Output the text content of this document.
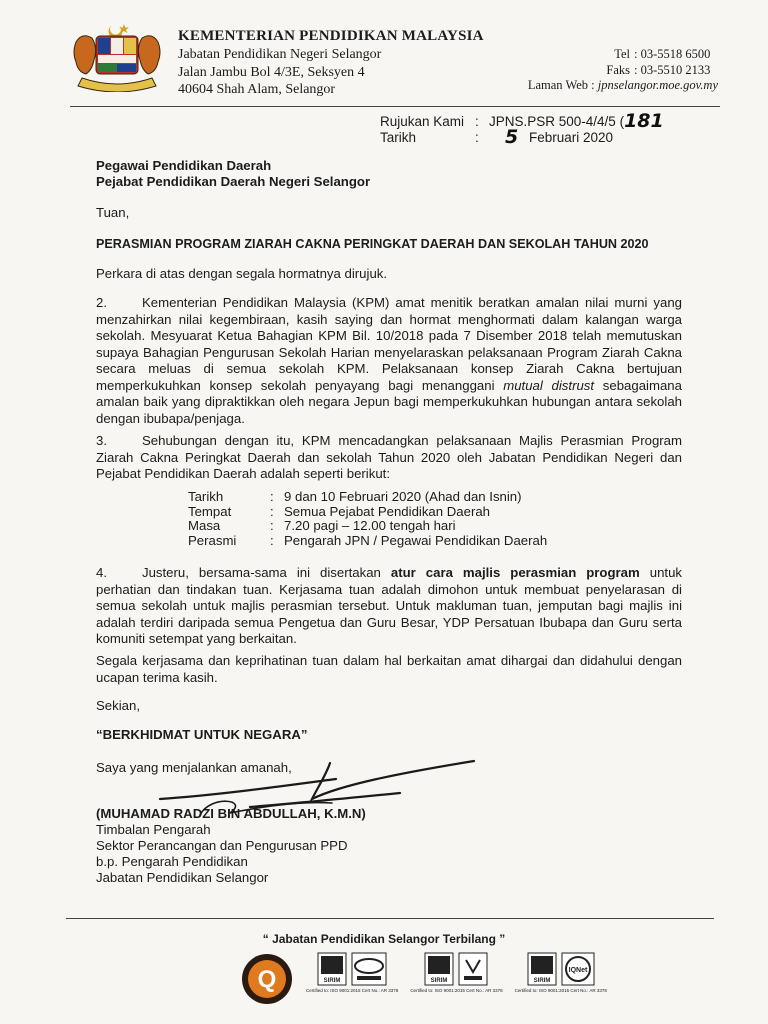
KEMENTERIAN PENDIDIKAN MALAYSIA
Jabatan Pendidikan Negeri Selangor
Jalan Jambu Bol 4/3E, Seksyen 4
40604 Shah Alam, Selangor
Tel : 03-5518 6500
Faks : 03-5510 2133
Laman Web : jpnselangor.moe.gov.my
Rujukan Kami : JPNS.PSR 500-4/4/5 ( 181
Tarikh	:	5 Februari 2020
Pegawai Pendidikan Daerah
Pejabat Pendidikan Daerah Negeri Selangor
Tuan,
PERASMIAN PROGRAM ZIARAH CAKNA PERINGKAT DAERAH DAN SEKOLAH TAHUN 2020
Perkara di atas dengan segala hormatnya dirujuk.
2.	Kementerian Pendidikan Malaysia (KPM) amat menitik beratkan amalan nilai murni yang menzahirkan nilai kegembiraan, kasih saying dan hormat menghormati dalam kalangan warga sekolah. Mesyuarat Ketua Bahagian KPM Bil. 10/2018 pada 7 Disember 2018 telah memutuskan supaya Bahagian Pengurusan Sekolah Harian menyelaraskan pelaksanaan Program Ziarah Cakna secara meluas di semua sekolah KPM. Pelaksanaan konsep Ziarah Cakna bertujuan memperkukuhkan konsep sekolah penyayang bagi menanggani mutual distrust sebagaimana amalan baik yang dipraktikkan oleh negara Jepun bagi memperkukuhkan hubungan antara sekolah dengan ibubapa/penjaga.
3.	Sehubungan dengan itu, KPM mencadangkan pelaksanaan Majlis Perasmian Program Ziarah Cakna Peringkat Daerah dan sekolah Tahun 2020 oleh Jabatan Pendidikan Negeri dan Pejabat Pendidikan Daerah adalah seperti berikut:
Tarikh	: 9 dan 10 Februari 2020 (Ahad dan Isnin)
Tempat	: Semua Pejabat Pendidikan Daerah
Masa	: 7.20 pagi – 12.00 tengah hari
Perasmi	: Pengarah JPN / Pegawai Pendidikan Daerah
4.	Justeru, bersama-sama ini disertakan atur cara majlis perasmian program untuk perhatian dan tindakan tuan. Kerjasama tuan adalah dimohon untuk membuat penyelarasan di semua sekolah untuk majlis perasmian tersebut. Untuk makluman tuan, jemputan bagi majlis ini adalah terdiri daripada semua Pengetua dan Guru Besar, YDP Persatuan Ibubapa dan Guru serta komuniti setempat yang berkaitan.
Segala kerjasama dan keprihatinan tuan dalam hal berkaitan amat dihargai dan didahului dengan ucapan terima kasih.
Sekian,
“BERKHIDMAT UNTUK NEGARA”
Saya yang menjalankan amanah,
(MUHAMAD RADZI BIN ABDULLAH, K.M.N)
Timbalan Pengarah
Sektor Perancangan dan Pengurusan PPD
b.p. Pengarah Pendidikan
Jabatan Pendidikan Selangor
“ Jabatan Pendidikan Selangor Terbilang ”
Q	SIRIM
Certified to: ISO 9001:2015 Cert No.: AR 3378
SIRIM
Certified to: ISO 9001:2015 Cert No.: AR 3378
SIRIM
IQNet
Certified to: ISO 9001:2015 Cert No.: AR 3378
